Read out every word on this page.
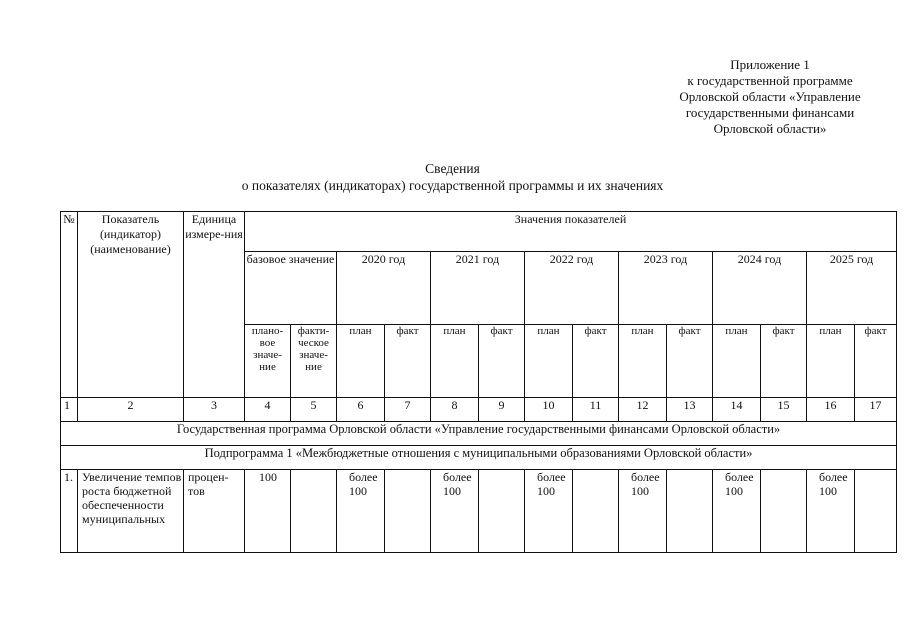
Приложение 1
к государственной программе
Орловской области «Управление
государственными финансами
Орловской области»
Сведения
о показателях (индикаторах) государственной программы и их значениях
№	Показатель (индикатор) (наименование)	Единица измере-ния	Значения показателей													
			базовое значение		2020 год		2021 год		2022 год		2023 год		2024 год		2025 год	
			плано-вое значе-ние	факти-ческое значе-ние	план	факт	план	факт	план	факт	план	факт	план	факт	план	факт
1	2	3	4	5	6	7	8	9	10	11	12	13	14	15	16	17
Государственная программа Орловской области «Управление государственными финансами Орловской области»																
Подпрограмма 1 «Межбюджетные отношения с муниципальными образованиями Орловской области»																
1.	Увеличение темпов роста бюджетной обеспеченности муниципальных	процен-тов	100		более 100		более 100		более 100		более 100		более 100		более 100	
